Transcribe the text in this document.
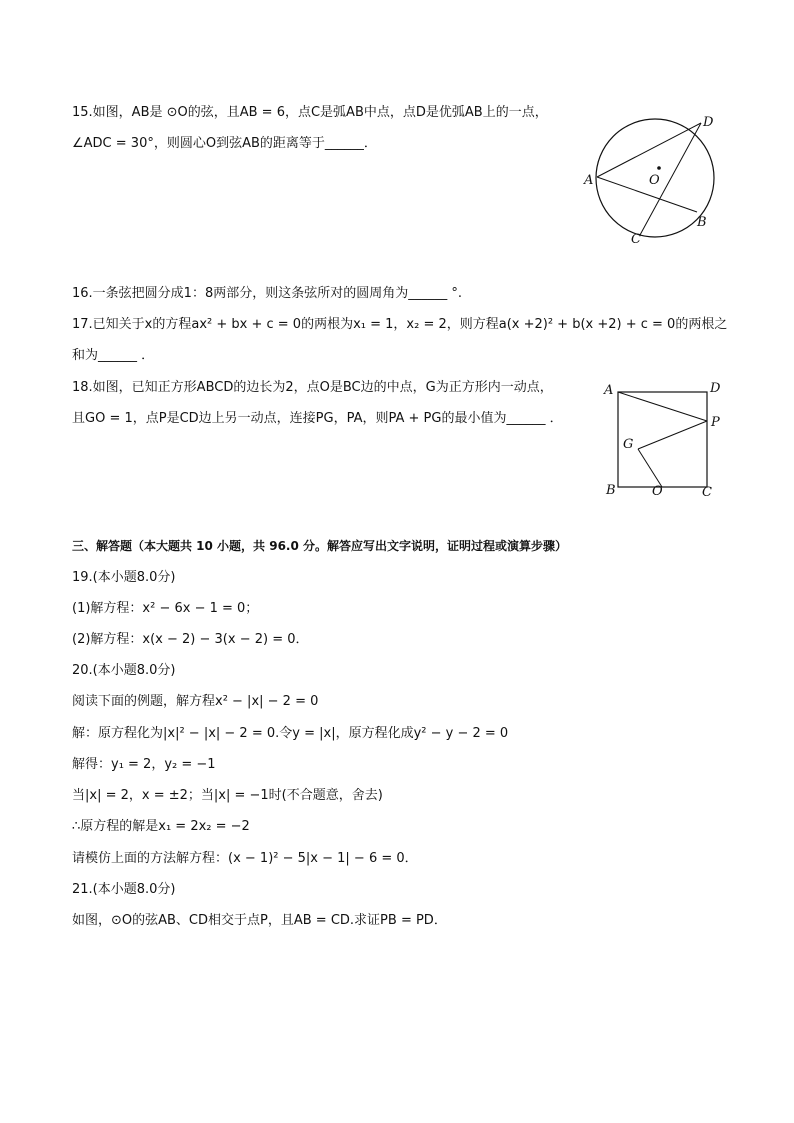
15.如图，AB是 ⊙O的弦，且AB = 6，点C是弧AB中点，点D是优弧AB上的一点，
∠ADC = 30°，则圆心O到弦AB的距离等于______．
A
B
C
D
O
16.一条弦把圆分成1：8两部分，则这条弦所对的圆周角为______ °.
17.已知关于x的方程ax² + bx + c = 0的两根为x₁ = 1，x₂ = 2，则方程a(x +2)² + b(x +2) + c = 0的两根之
和为______ ．
18.如图，已知正方形ABCD的边长为2，点O是BC边的中点，G为正方形内一动点，
且GO = 1，点P是CD边上另一动点，连接PG，PA，则PA + PG的最小值为______ ．
A	D
P
G
B	O	C
三、解答题（本大题共 10 小题，共 96.0 分。解答应写出文字说明，证明过程或演算步骤）
19.(本小题8.0分)
(1)解方程：x² − 6x − 1 = 0；
(2)解方程：x(x − 2) − 3(x − 2) = 0．
20.(本小题8.0分)
阅读下面的例题，解方程x² − |x| − 2 = 0
解：原方程化为|x|² − |x| − 2 = 0.令y = |x|，原方程化成y² − y − 2 = 0
解得：y₁ = 2，y₂ = −1
当|x| = 2，x = ±2；当|x| = −1时(不合题意，舍去)
∴原方程的解是x₁ = 2x₂ = −2
请模仿上面的方法解方程：(x − 1)² − 5|x − 1| − 6 = 0．
21.(本小题8.0分)
如图，⊙O的弦AB、CD相交于点P，且AB = CD.求证PB = PD．
